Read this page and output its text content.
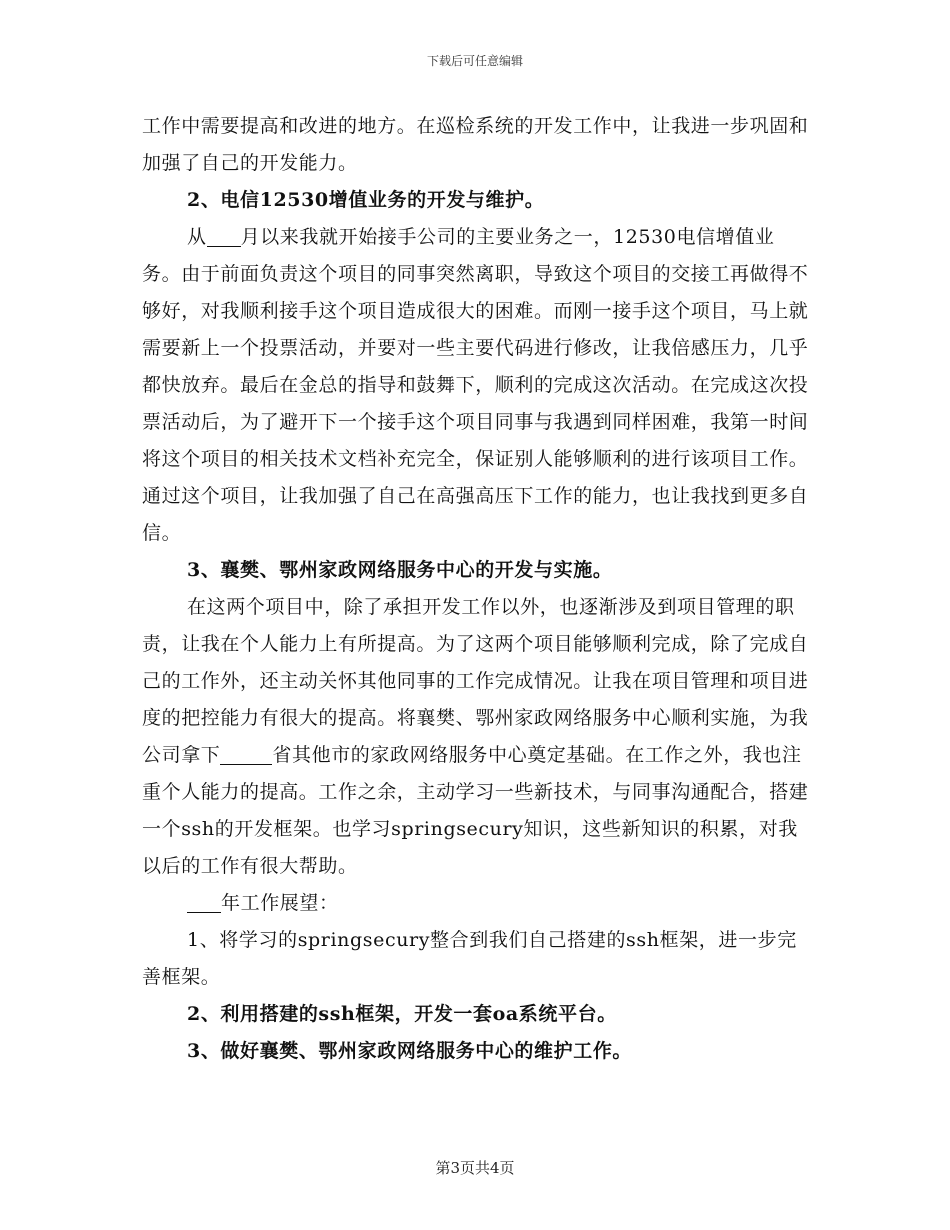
下载后可任意编辑

工作中需要提高和改进的地方。在巡检系统的开发工作中，让我进一步巩固和加强了自己的开发能力。

2、电信12530增值业务的开发与维护。

从 月以来我就开始接手公司的主要业务之一，12530电信增值业务。由于前面负责这个项目的同事突然离职，导致这个项目的交接工再做得不够好，对我顺利接手这个项目造成很大的困难。而刚一接手这个项目，马上就需要新上一个投票活动，并要对一些主要代码进行修改，让我倍感压力，几乎都快放弃。最后在金总的指导和鼓舞下，顺利的完成这次活动。在完成这次投票活动后，为了避开下一个接手这个项目同事与我遇到同样困难，我第一时间将这个项目的相关技术文档补充完全，保证别人能够顺利的进行该项目工作。通过这个项目，让我加强了自己在高强高压下工作的能力，也让我找到更多自信。

3、襄樊、鄂州家政网络服务中心的开发与实施。

在这两个项目中，除了承担开发工作以外，也逐渐涉及到项目管理的职责，让我在个人能力上有所提高。为了这两个项目能够顺利完成，除了完成自己的工作外，还主动关怀其他同事的工作完成情况。让我在项目管理和项目进度的把控能力有很大的提高。将襄樊、鄂州家政网络服务中心顺利实施，为我公司拿下	省其他市的家政网络服务中心奠定基础。在工作之外，我也注重个人能力的提高。工作之余，主动学习一些新技术，与同事沟通配合，搭建一个ssh的开发框架。也学习springsecury知识，这些新知识的积累，对我以后的工作有很大帮助。

年工作展望：

1、将学习的springsecury整合到我们自己搭建的ssh框架，进一步完善框架。

2、利用搭建的ssh框架，开发一套oa系统平台。

3、做好襄樊、鄂州家政网络服务中心的维护工作。

第3页共4页
